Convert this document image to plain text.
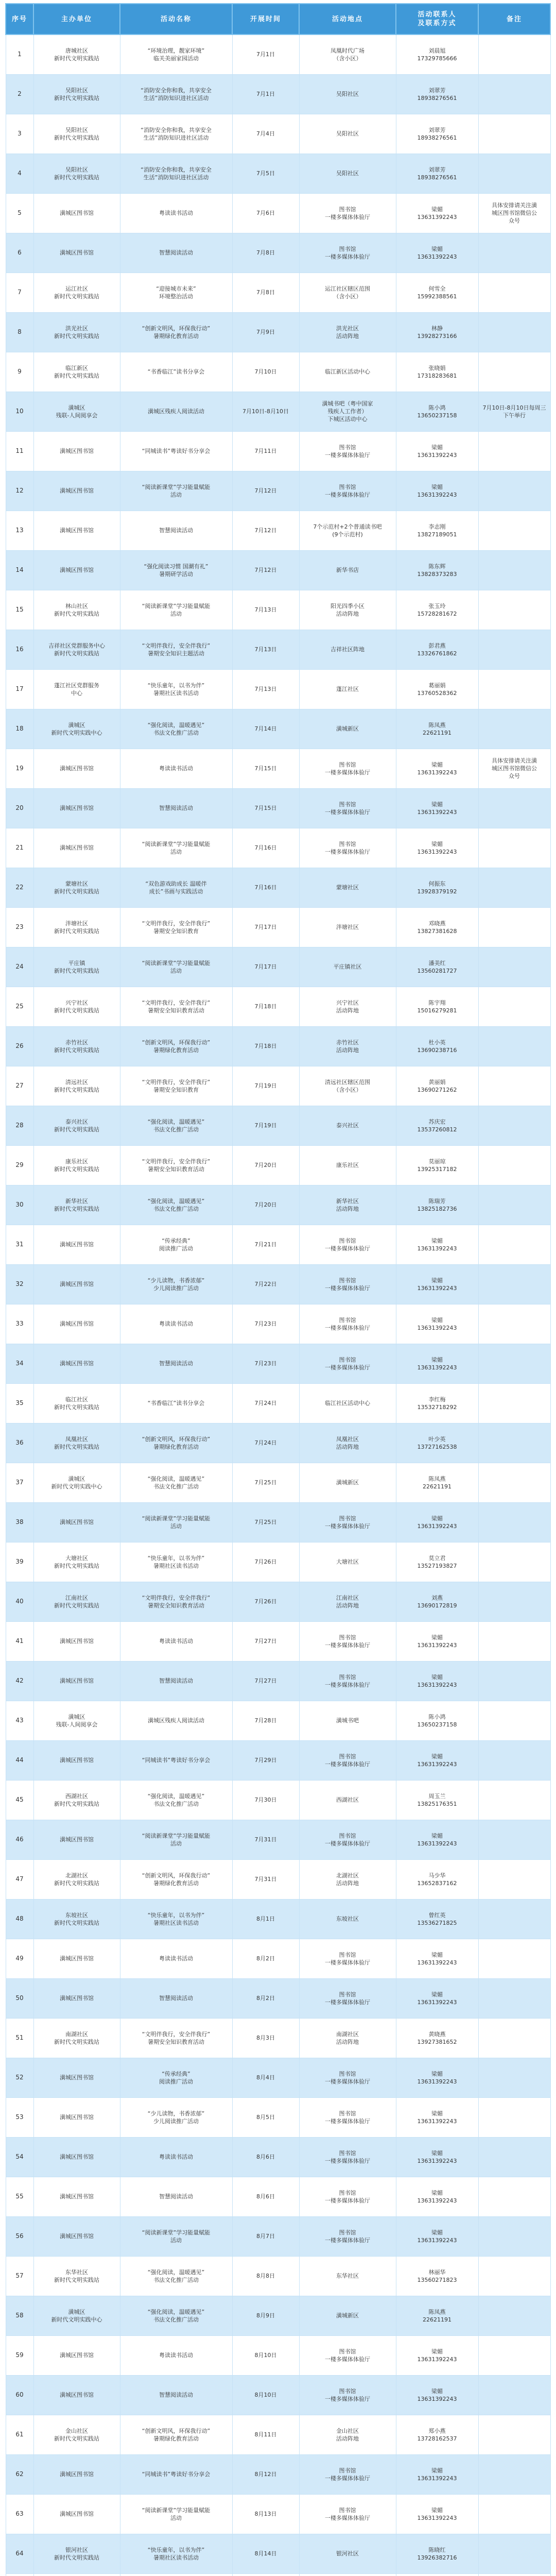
序号	主办单位	活动名称	开展时间	活动地点	活动联系人
及联系方式	备注
1	唐城社区
新时代文明实践站	“环境治理，靓家环境”
临关美丽家园活动	7月1日	凤凰时代广场
（含小区）	刘晨旭
17329785666	
2	吴阳社区
新时代文明实践站	“消防安全你和我，共享安全
生活”消防知识进社区活动	7月1日	吴阳社区	刘翠芳
18938276561	
3	吴阳社区
新时代文明实践站	“消防安全你和我，共享安全
生活”消防知识进社区活动	7月4日	吴阳社区	刘翠芳
18938276561	
4	吴阳社区
新时代文明实践站	“消防安全你和我，共享安全
生活”消防知识进社区活动	7月5日	吴阳社区	刘翠芳
18938276561	
5	潢城区图书馆	粤读读书活动	7月6日	图书馆
一楼多媒体体验厅	梁媚
13631392243	具体安排请关注潢
城区图书馆微信公
众号
6	潢城区图书馆	智慧阅读活动	7月8日	图书馆
一楼多媒体体验厅	梁媚
13631392243	
7	运江社区
新时代文明实践站	“迎接城市未来”
环境整治活动	7月8日	运江社区辖区范围
（含小区）	何雪全
15992388561	
8	洪光社区
新时代文明实践站	“创新文明风，环保我行动”
暑期绿化教育活动	7月9日	洪光社区
活动阵地	林静
13928273166	
9	临江新区
新时代文明实践站	“书香临江”读书分享会	7月10日	临江新区活动中心	张晓娟
17318283681	
10	潢城区
残联-人间阅享会	潢城区残疾人阅读活动	7月10日-8月10日	潢城书吧（粤中国家
残疾人工作者）
下城区活动中心	陈小鸿
13650237158	7月10日-8月10日每周三
下午举行
11	潢城区图书馆	“同城读书”粤读好书分享会	7月11日	图书馆
一楼多媒体体验厅	梁媚
13631392243	
12	潢城区图书馆	“阅读新课堂”学习能量赋能
活动	7月12日	图书馆
一楼多媒体体验厅	梁媚
13631392243	
13	潢城区图书馆	智慧阅读活动	7月12日	7个示范村+2个普通读书吧
(9个示范村)	李志刚
13827189051	
14	潢城区图书馆	“强化阅读习惯 国潮有礼”
暑期研学活动	7月12日	新华书店	陈东辉
13828373283	
15	林山社区
新时代文明实践站	“阅读新课堂”学习能量赋能
活动	7月13日	阳光四季小区
活动阵地	张玉玲
15728281672	
16	吉祥社区党群服务中心
新时代文明实践站	“文明伴我行，安全伴我行”
暑期安全知识主题活动	7月13日	吉祥社区阵地	彭君燕
13326761862	
17	蓬江社区党群服务
中心	“快乐童年，以书为伴”
暑期社区读书活动	7月13日	蓬江社区	葛丽娟
13760528362	
18	潢城区
新时代文明实践中心	“强化阅读，温暖遇见”
书法文化推广活动	7月14日	潢城新区	陈凤燕
22621191	
19	潢城区图书馆	粤读读书活动	7月15日	图书馆
一楼多媒体体验厅	梁媚
13631392243	具体安排请关注潢
城区图书馆微信公
众号
20	潢城区图书馆	智慧阅读活动	7月15日	图书馆
一楼多媒体体验厅	梁媚
13631392243	
21	潢城区图书馆	“阅读新课堂”学习能量赋能
活动	7月16日	图书馆
一楼多媒体体验厅	梁媚
13631392243	
22	蒙塘社区
新时代文明实践站	“双色游戏助成长 温暖伴
成长”书画与实践活动	7月16日	蒙塘社区	何振东
13928379192	
23	泮塘社区
新时代文明实践站	“文明伴我行，安全伴我行”
暑期安全知识教育	7月17日	泮塘社区	邓晓燕
13827381628	
24	平庄镇
新时代文明实践站	“阅读新课堂”学习能量赋能
活动	7月17日	平庄镇社区	潘美红
13560281727	
25	兴宁社区
新时代文明实践站	“文明伴我行，安全伴我行”
暑期安全知识教育活动	7月18日	兴宁社区
活动阵地	陈宇翔
15016279281	
26	赤竹社区
新时代文明实践站	“创新文明风，环保我行动”
暑期绿化教育活动	7月18日	赤竹社区
活动阵地	杜小英
13690238716	
27	清远社区
新时代文明实践站	“文明伴我行，安全伴我行”
暑期安全知识教育	7月19日	清远社区辖区范围
（含小区）	黄丽娟
13690271262	
28	泰兴社区
新时代文明实践站	“强化阅读，温暖遇见”
书法文化推广活动	7月19日	泰兴社区	苏庆宏
13537260812	
29	康乐社区
新时代文明实践站	“文明伴我行，安全伴我行”
暑期安全知识教育活动	7月20日	康乐社区	莫丽琼
13925317182	
30	新华社区
新时代文明实践站	“强化阅读，温暖遇见”
书法文化推广活动	7月20日	新华社区
活动阵地	陈瑞芳
13825182736	
31	潢城区图书馆	“传承经典”
阅读推广活动	7月21日	图书馆
一楼多媒体体验厅	梁媚
13631392243	
32	潢城区图书馆	“少儿读物，书香浓郁”
少儿阅读推广活动	7月22日	图书馆
一楼多媒体体验厅	梁媚
13631392243	
33	潢城区图书馆	粤读读书活动	7月23日	图书馆
一楼多媒体体验厅	梁媚
13631392243	
34	潢城区图书馆	智慧阅读活动	7月23日	图书馆
一楼多媒体体验厅	梁媚
13631392243	
35	临江社区
新时代文明实践站	“书香临江”读书分享会	7月24日	临江社区活动中心	李红梅
13532718292	
36	凤凰社区
新时代文明实践站	“创新文明风，环保我行动”
暑期绿化教育活动	7月24日	凤凰社区
活动阵地	叶少英
13727162538	
37	潢城区
新时代文明实践中心	“强化阅读，温暖遇见”
书法文化推广活动	7月25日	潢城新区	陈凤燕
22621191	
38	潢城区图书馆	“阅读新课堂”学习能量赋能
活动	7月25日	图书馆
一楼多媒体体验厅	梁媚
13631392243	
39	大塘社区
新时代文明实践站	“快乐童年，以书为伴”
暑期社区读书活动	7月26日	大塘社区	莫立君
13527193827	
40	江南社区
新时代文明实践站	“文明伴我行，安全伴我行”
暑期安全知识教育活动	7月26日	江南社区
活动阵地	刘燕
13690172819	
41	潢城区图书馆	粤读读书活动	7月27日	图书馆
一楼多媒体体验厅	梁媚
13631392243	
42	潢城区图书馆	智慧阅读活动	7月27日	图书馆
一楼多媒体体验厅	梁媚
13631392243	
43	潢城区
残联-人间阅享会	潢城区残疾人阅读活动	7月28日	潢城书吧	陈小鸿
13650237158	
44	潢城区图书馆	“同城读书”粤读好书分享会	7月29日	图书馆
一楼多媒体体验厅	梁媚
13631392243	
45	西湖社区
新时代文明实践站	“强化阅读，温暖遇见”
书法文化推广活动	7月30日	西湖社区	周玉兰
13825176351	
46	潢城区图书馆	“阅读新课堂”学习能量赋能
活动	7月31日	图书馆
一楼多媒体体验厅	梁媚
13631392243	
47	北湖社区
新时代文明实践站	“创新文明风，环保我行动”
暑期绿化教育活动	7月31日	北湖社区
活动阵地	马少华
13652837162	
48	东坡社区
新时代文明实践站	“快乐童年，以书为伴”
暑期社区读书活动	8月1日	东坡社区	曾红英
13536271825	
49	潢城区图书馆	粤读读书活动	8月2日	图书馆
一楼多媒体体验厅	梁媚
13631392243	
50	潢城区图书馆	智慧阅读活动	8月2日	图书馆
一楼多媒体体验厅	梁媚
13631392243	
51	南湖社区
新时代文明实践站	“文明伴我行，安全伴我行”
暑期安全知识教育活动	8月3日	南湖社区
活动阵地	黄晓燕
13927381652	
52	潢城区图书馆	“传承经典”
阅读推广活动	8月4日	图书馆
一楼多媒体体验厅	梁媚
13631392243	
53	潢城区图书馆	“少儿读物，书香浓郁”
少儿阅读推广活动	8月5日	图书馆
一楼多媒体体验厅	梁媚
13631392243	
54	潢城区图书馆	粤读读书活动	8月6日	图书馆
一楼多媒体体验厅	梁媚
13631392243	
55	潢城区图书馆	智慧阅读活动	8月6日	图书馆
一楼多媒体体验厅	梁媚
13631392243	
56	潢城区图书馆	“阅读新课堂”学习能量赋能
活动	8月7日	图书馆
一楼多媒体体验厅	梁媚
13631392243	
57	东华社区
新时代文明实践站	“强化阅读，温暖遇见”
书法文化推广活动	8月8日	东华社区	林丽华
13560271823	
58	潢城区
新时代文明实践中心	“强化阅读，温暖遇见”
书法文化推广活动	8月9日	潢城新区	陈凤燕
22621191	
59	潢城区图书馆	粤读读书活动	8月10日	图书馆
一楼多媒体体验厅	梁媚
13631392243	
60	潢城区图书馆	智慧阅读活动	8月10日	图书馆
一楼多媒体体验厅	梁媚
13631392243	
61	金山社区
新时代文明实践站	“创新文明风，环保我行动”
暑期绿化教育活动	8月11日	金山社区
活动阵地	郑小燕
13728162537	
62	潢城区图书馆	“同城读书”粤读好书分享会	8月12日	图书馆
一楼多媒体体验厅	梁媚
13631392243	
63	潢城区图书馆	“阅读新课堂”学习能量赋能
活动	8月13日	图书馆
一楼多媒体体验厅	梁媚
13631392243	
64	银河社区
新时代文明实践站	“快乐童年，以书为伴”
暑期社区读书活动	8月14日	银河社区	陈晓红
13926382716	
